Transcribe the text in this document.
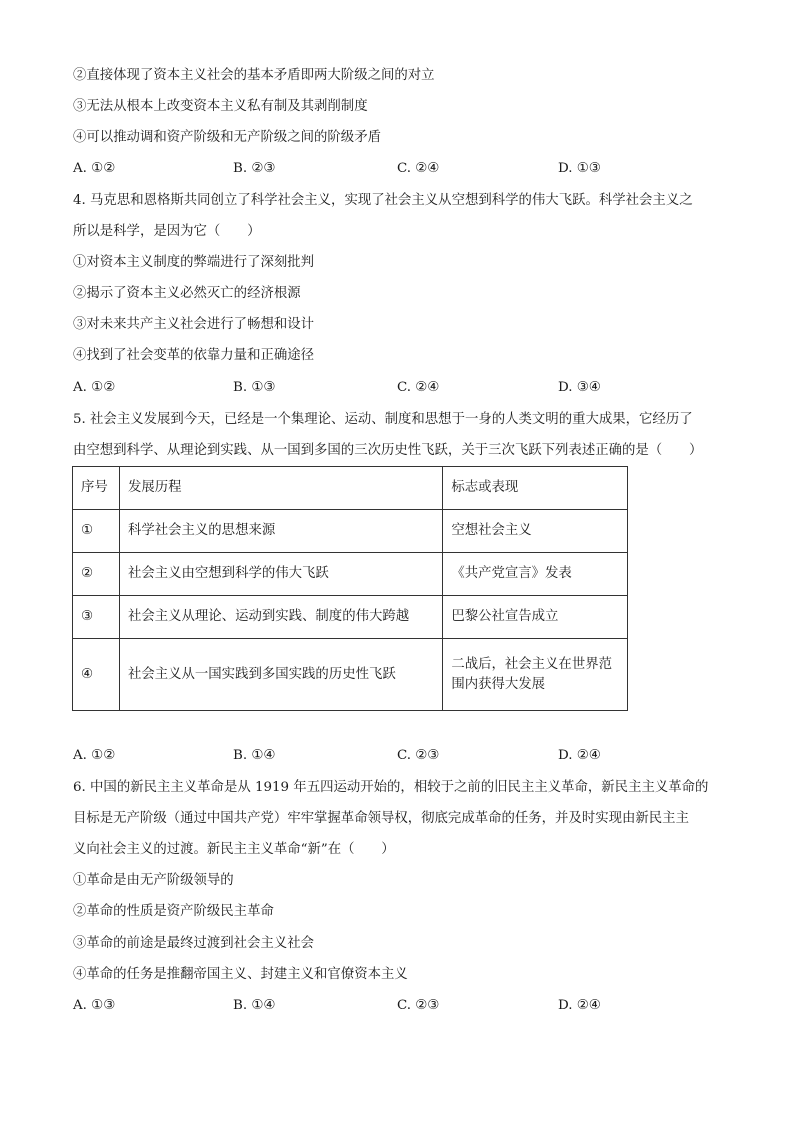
②直接体现了资本主义社会的基本矛盾即两大阶级之间的对立
③无法从根本上改变资本主义私有制及其剥削制度
④可以推动调和资产阶级和无产阶级之间的阶级矛盾
A. ①②	B. ②③	C. ②④	D. ①③
4. 马克思和恩格斯共同创立了科学社会主义，实现了社会主义从空想到科学的伟大飞跃。科学社会主义之
所以是科学，是因为它（　　）
①对资本主义制度的弊端进行了深刻批判
②揭示了资本主义必然灭亡的经济根源
③对未来共产主义社会进行了畅想和设计
④找到了社会变革的依靠力量和正确途径
A. ①②	B. ①③	C. ②④	D. ③④
5. 社会主义发展到今天，已经是一个集理论、运动、制度和思想于一身的人类文明的重大成果，它经历了
由空想到科学、从理论到实践、从一国到多国的三次历史性飞跃，关于三次飞跃下列表述正确的是（　　）
序号	发展历程	标志或表现
①	科学社会主义的思想来源	空想社会主义
②	社会主义由空想到科学的伟大飞跃	《共产党宣言》发表
③	社会主义从理论、运动到实践、制度的伟大跨越	巴黎公社宣告成立
④	社会主义从一国实践到多国实践的历史性飞跃	二战后，社会主义在世界范围内获得大发展
A. ①②	B. ①④	C. ②③	D. ②④
6. 中国的新民主主义革命是从 1919 年五四运动开始的，相较于之前的旧民主主义革命，新民主主义革命的
目标是无产阶级（通过中国共产党）牢牢掌握革命领导权，彻底完成革命的任务，并及时实现由新民主主
义向社会主义的过渡。新民主主义革命“新”在（　　）
①革命是由无产阶级领导的
②革命的性质是资产阶级民主革命
③革命的前途是最终过渡到社会主义社会
④革命的任务是推翻帝国主义、封建主义和官僚资本主义
A. ①③	B. ①④	C. ②③	D. ②④
